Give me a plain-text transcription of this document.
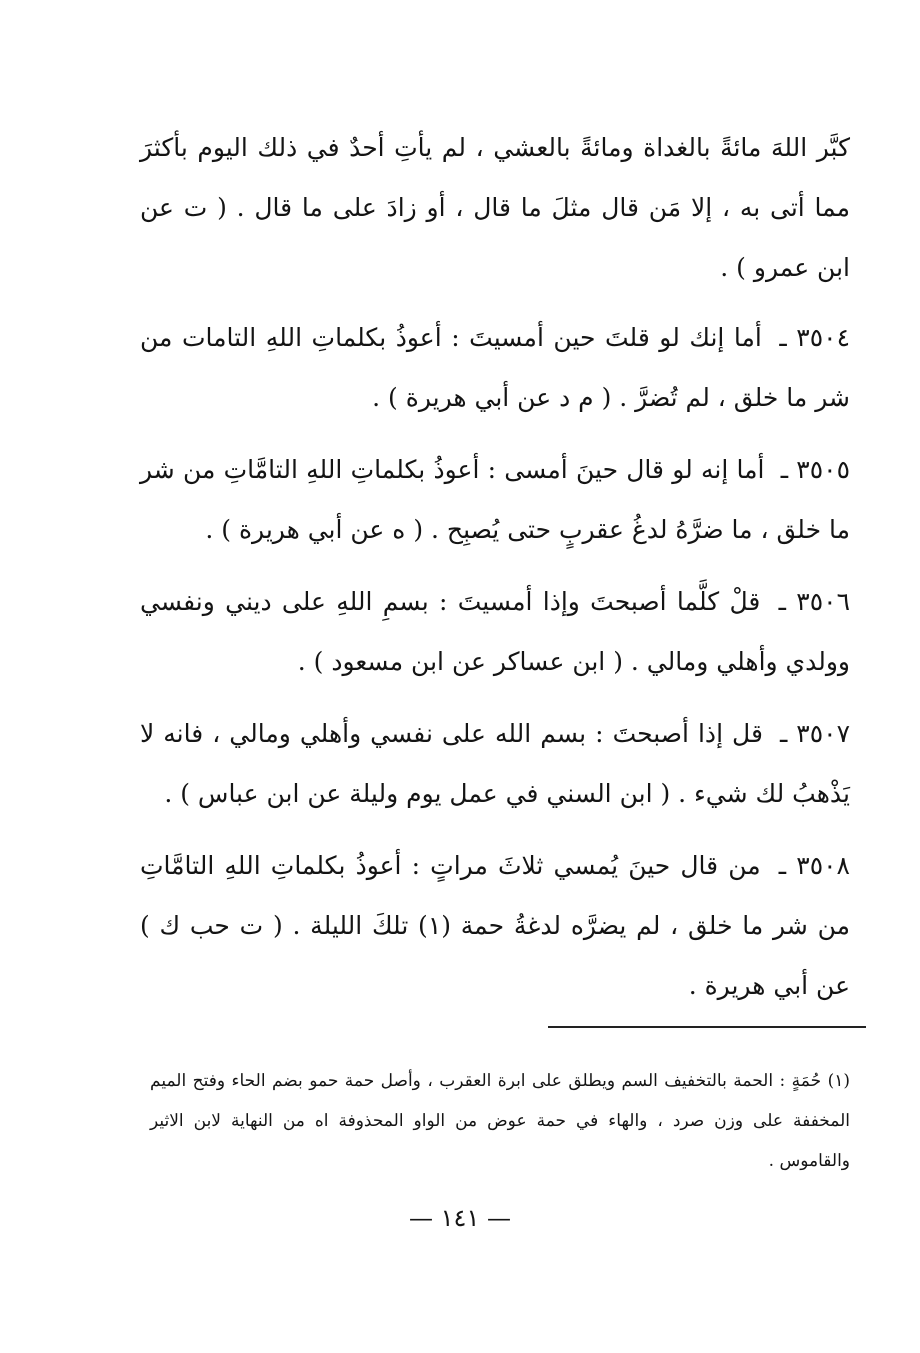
كبَّر اللهَ مائةً بالغداة ومائةً بالعشي ، لم يأتِ أحدٌ في ذلك اليوم بأكثرَ مما أتى به ، إلا مَن قال مثلَ ما قال ، أو زادَ على ما قال . ( ت عن ابن عمرو ) .

٣٥٠٤ ـ أما إنك لو قلتَ حين أمسيتَ : أعوذُ بكلماتِ اللهِ التامات من شر ما خلق ، لم تُضرَّ . ( م د عن أبي هريرة ) .

٣٥٠٥ ـ أما إنه لو قال حينَ أمسى : أعوذُ بكلماتِ اللهِ التامَّاتِ من شر ما خلق ، ما ضرَّهُ لدغُ عقربٍ حتى يُصبِح . ( ه عن أبي هريرة ) .

٣٥٠٦ ـ قلْ كلَّما أصبحتَ وإذا أمسيتَ : بسمِ اللهِ على ديني ونفسي وولدي وأهلي ومالي . ( ابن عساكر عن ابن مسعود ) .

٣٥٠٧ ـ قل إذا أصبحتَ : بسم الله على نفسي وأهلي ومالي ، فانه لا يَذْهبُ لك شيء . ( ابن السني في عمل يوم وليلة عن ابن عباس ) .

٣٥٠٨ ـ من قال حينَ يُمسي ثلاثَ مراتٍ : أعوذُ بكلماتِ اللهِ التامَّاتِ من شر ما خلق ، لم يضرَّه لدغةُ حمة (١) تلكَ الليلة . ( ت حب ك ) عن أبي هريرة .

(١) حُمَةٍ : الحمة بالتخفيف السم ويطلق على ابرة العقرب ، وأصل حمة حمو بضم الحاء وفتح الميم المخففة على وزن صرد ، والهاء في حمة عوض من الواو المحذوفة اه من النهاية لابن الاثير والقاموس .

— ١٤١ —
